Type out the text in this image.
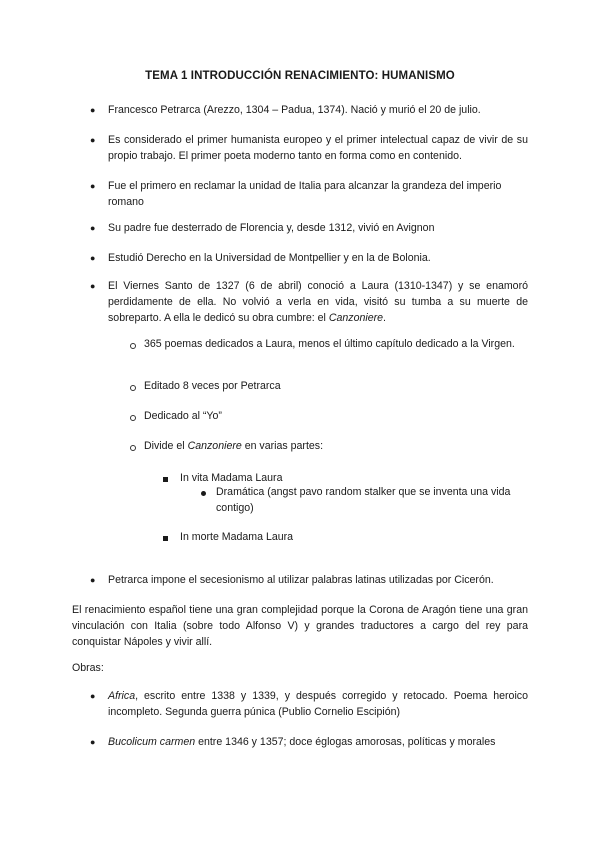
TEMA 1 INTRODUCCIÓN RENACIMIENTO: HUMANISMO
● Francesco Petrarca (Arezzo, 1304 – Padua, 1374). Nació y murió el 20 de julio.
● Es considerado el primer humanista europeo y el primer intelectual capaz de vivir de su propio trabajo. El primer poeta moderno tanto en forma como en contenido.
● Fue el primero en reclamar la unidad de Italia para alcanzar la grandeza del imperio romano
● Su padre fue desterrado de Florencia y, desde 1312, vivió en Avignon
● Estudió Derecho en la Universidad de Montpellier y en la de Bolonia.
● El Viernes Santo de 1327 (6 de abril) conoció a Laura (1310-1347) y se enamoró perdidamente de ella. No volvió a verla en vida, visitó su tumba a su muerte de sobreparto. A ella le dedicó su obra cumbre: el Canzoniere.
365 poemas dedicados a Laura, menos el último capítulo dedicado a la Virgen.
Editado 8 veces por Petrarca
Dedicado al “Yo”
Divide el Canzoniere en varias partes:
In vita Madama Laura
Dramática (angst pavo random stalker que se inventa una vida contigo)
In morte Madama Laura
● Petrarca impone el secesionismo al utilizar palabras latinas utilizadas por Cicerón.
El renacimiento español tiene una gran complejidad porque la Corona de Aragón tiene una gran vinculación con Italia (sobre todo Alfonso V) y grandes traductores a cargo del rey para conquistar Nápoles y vivir allí.
Obras:
● Africa, escrito entre 1338 y 1339, y después corregido y retocado. Poema heroico incompleto. Segunda guerra púnica (Publio Cornelio Escipión)
● Bucolicum carmen entre 1346 y 1357; doce églogas amorosas, políticas y morales
